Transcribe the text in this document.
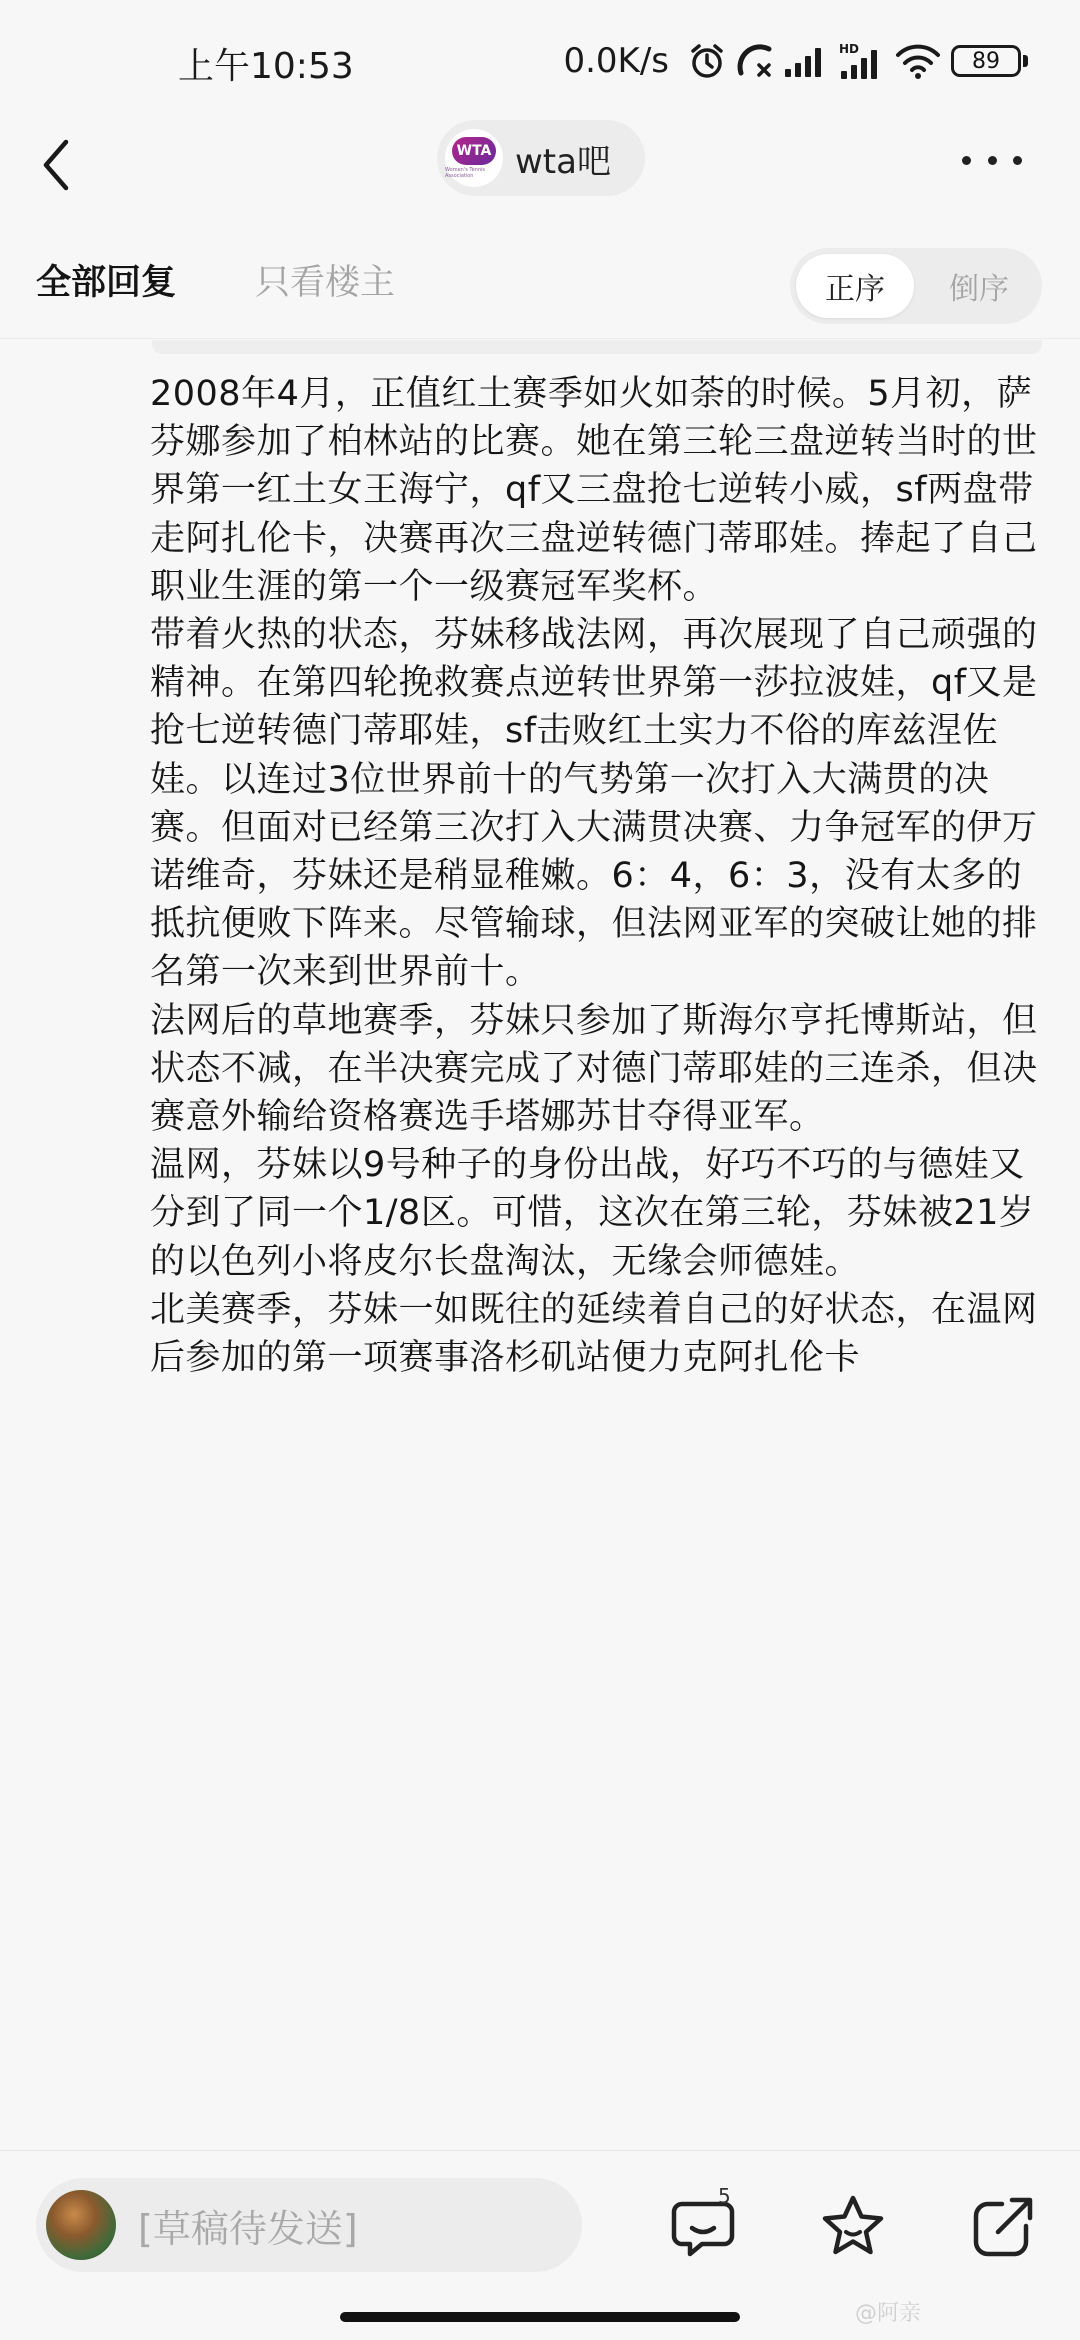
上午10:53	0.0K/s	HD	89
WTA
Women's Tennis Association	wta吧
全部回复 只看楼主	正序	倒序

2008年4月，正值红土赛季如火如荼的时候。5月初，萨芬娜参加了柏林站的比赛。她在第三轮三盘逆转当时的世界第一红土女王海宁，qf又三盘抢七逆转小威，sf两盘带走阿扎伦卡，决赛再次三盘逆转德门蒂耶娃。捧起了自己职业生涯的第一个一级赛冠军奖杯。

带着火热的状态，芬妹移战法网，再次展现了自己顽强的精神。在第四轮挽救赛点逆转世界第一莎拉波娃，qf又是抢七逆转德门蒂耶娃，sf击败红土实力不俗的库兹涅佐娃。以连过3位世界前十的气势第一次打入大满贯的决赛。但面对已经第三次打入大满贯决赛、力争冠军的伊万诺维奇，芬妹还是稍显稚嫩。6：4，6：3，没有太多的抵抗便败下阵来。尽管输球，但法网亚军的突破让她的排名第一次来到世界前十。

法网后的草地赛季，芬妹只参加了斯海尔亨托博斯站，但状态不减，在半决赛完成了对德门蒂耶娃的三连杀，但决赛意外输给资格赛选手塔娜苏甘夺得亚军。

温网，芬妹以9号种子的身份出战，好巧不巧的与德娃又分到了同一个1/8区。可惜，这次在第三轮，芬妹被21岁的以色列小将皮尔长盘淘汰，无缘会师德娃。

北美赛季，芬妹一如既往的延续着自己的好状态，在温网后参加的第一项赛事洛杉矶站便力克阿扎伦卡

[草稿待发送]
5
@阿亲
